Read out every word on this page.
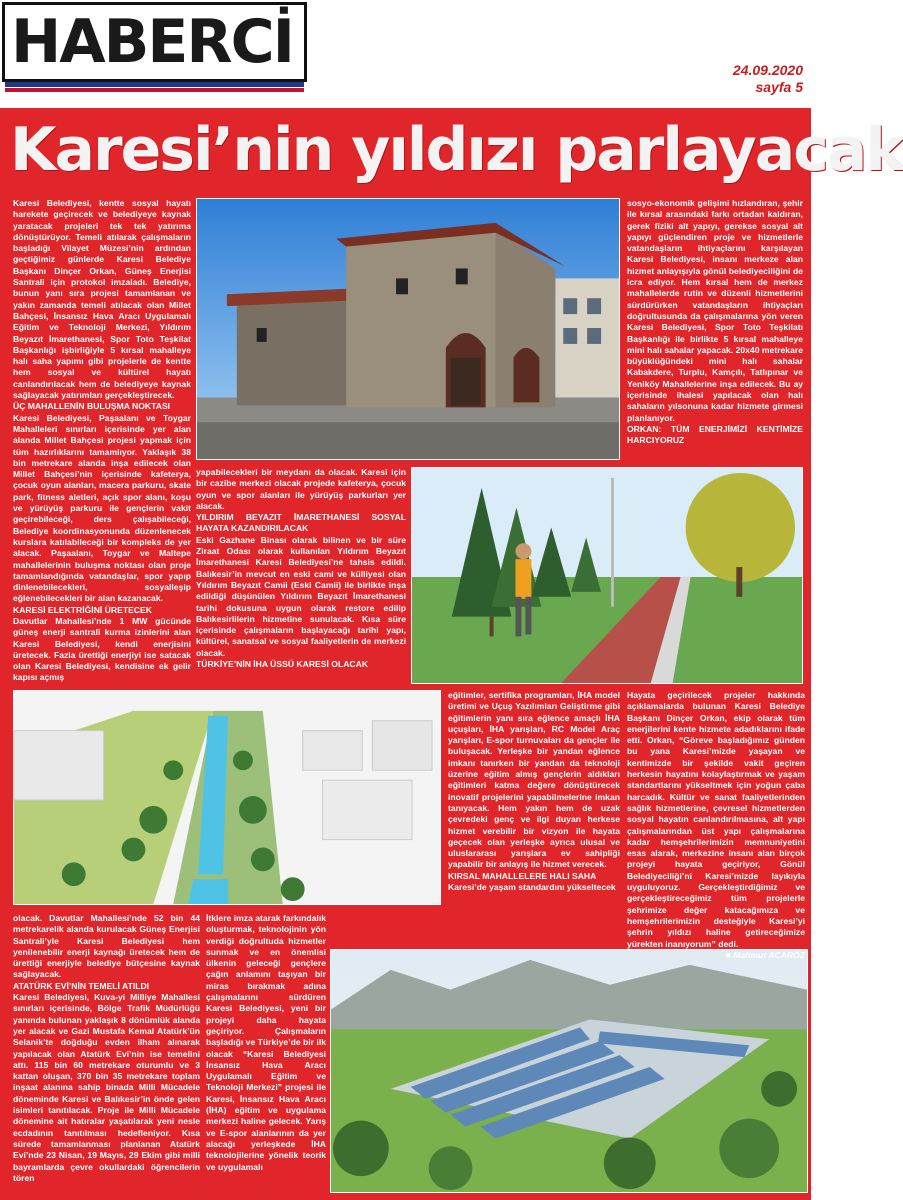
HABERCİ	24.09.2020
sayfa 5
Karesi’nin yıldızı parlayacak

Karesi Belediyesi, kentte sosyal hayatı harekete geçirecek ve belediyeye kaynak yaratacak projeleri tek tek yatırıma dönüştürüyor. Temeli atılarak çalışmaların başladığı Vilayet Müzesi’nin ardından geçtiğimiz günlerde Karesi Belediye Başkanı Dinçer Orkan, Güneş Enerjisi Santrali için protokol imzaladı. Belediye, bunun yanı sıra projesi tamamlanan ve yakın zamanda temeli atılacak olan Millet Bahçesi, İnsansız Hava Aracı Uygulamalı Eğitim ve Teknoloji Merkezi, Yıldırım Beyazıt İmarethanesi, Spor Toto Teşkilat Başkanlığı işbirliğiyle 5 kırsal mahalleye halı saha yapımı gibi projelerle de kentte hem sosyal ve kültürel hayatı canlandırılacak hem de belediyeye kaynak sağlayacak yatırımları gerçekleştirecek.

ÜÇ MAHALLENİN BULUŞMA NOKTASI

Karesi Belediyesi, Paşaalanı ve Toygar Mahalleleri sınırları içerisinde yer alan alanda Millet Bahçesi projesi yapmak için tüm hazırlıklarını tamamlıyor. Yaklaşık 38 bin metrekare alanda inşa edilecek olan Millet Bahçesi’nin içerisinde kafeterya, çocuk oyun alanları, macera parkuru, skate park, fitness aletleri, açık spor alanı, koşu ve yürüyüş parkuru ile gençlerin vakit geçirebileceği, ders çalışabileceği, Belediye koordinasyonunda düzenlenecek kurslara katılabileceği bir kompleks de yer alacak. Paşaalanı, Toygar ve Maltepe mahallelerinin buluşma noktası olan proje tamamlandığında vatandaşlar, spor yapıp dinlenebilecekleri, sosyalleşip eğlenebilecekleri bir alan kazanacak.

KARESİ ELEKTRİĞİNİ ÜRETECEK

Davutlar Mahallesi’nde 1 MW gücünde güneş enerji santrali kurma izinlerini alan Karesi Belediyesi, kendi enerjisini üretecek. Fazla ürettiği enerjiyi ise satacak olan Karesi Belediyesi, kendisine ek gelir kapısı açmış

sosyo-ekonomik gelişimi hızlandıran, şehir ile kırsal arasındaki farkı ortadan kaldıran, gerek fiziki alt yapıyı, gerekse sosyal alt yapıyı güçlendiren proje ve hizmetlerle vatandaşların ihtiyaçlarını karşılayan Karesi Belediyesi, insanı merkeze alan hizmet anlayışıyla gönül belediyeciliğini de icra ediyor. Hem kırsal hem de merkez mahallelerde rutin ve düzenli hizmetlerini sürdürürken vatandaşların ihtiyaçları doğrultusunda da çalışmalarına yön veren Karesi Belediyesi, Spor Toto Teşkilatı Başkanlığı ile birlikte 5 kırsal mahalleye mini halı sahalar yapacak. 20x40 metrekare büyüklüğündeki mini halı sahalar Kabakdere, Turplu, Kamçılı, Tatlıpınar ve Yeniköy Mahallelerine inşa edilecek. Bu ay içerisinde ihalesi yapılacak olan halı sahaların yılsonuna kadar hizmete girmesi planlanıyor.

ORKAN: TÜM ENERJİMİZİ KENTİMİZE HARCIYORUZ

yapabilecekleri bir meydanı da olacak. Karesi için bir cazibe merkezi olacak projede kafeterya, çocuk oyun ve spor alanları ile yürüyüş parkurları yer alacak.

YILDIRIM BEYAZIT İMARETHANESİ SOSYAL HAYATA KAZANDIRILACAK

Eski Gazhane Binası olarak bilinen ve bir süre Ziraat Odası olarak kullanılan Yıldırım Beyazıt İmarethanesi Karesi Belediyesi’ne tahsis edildi. Balıkesir’in mevcut en eski cami ve külliyesi olan Yıldırım Beyazıt Camii (Eski Camii) ile birlikte inşa edildiği düşünülen Yıldırım Beyazıt İmarethanesi tarihi dokusuna uygun olarak restore edilip Balıkesirlilerin hizmetine sunulacak. Kısa süre içerisinde çalışmaların başlayacağı tarihi yapı, kültürel, sanatsal ve sosyal faaliyetlerin de merkezi olacak.

TÜRKİYE’NİN İHA ÜSSÜ KARESİ OLACAK

eğitimler, sertifika programları, İHA model üretimi ve Uçuş Yazılımları Geliştirme gibi eğitimlerin yanı sıra eğlence amaçlı İHA uçuşları, İHA yarışları, RC Model Araç yarışları, E-spor turnuvaları da gençler ile buluşacak. Yerleşke bir yandan eğlence imkanı tanırken bir yandan da teknoloji üzerine eğitim almış gençlerin aldıkları eğitimleri katma değere dönüştürecek inovatif projelerini yapabilmelerine imkan tanıyacak. Hem yakın hem de uzak çevredeki genç ve ilgi duyan herkese hizmet verebilir bir vizyon ile hayata geçecek olan yerleşke ayrıca ulusal ve uluslararası yarışlara ev sahipliği yapabilir bir anlayış ile hizmet verecek.

KIRSAL MAHALLELERE HALI SAHA

Karesi’de yaşam standardını yükseltecek

Hayata geçirilecek projeler hakkında açıklamalarda bulunan Karesi Belediye Başkanı Dinçer Orkan, ekip olarak tüm enerjilerini kente hizmete adadıklarını ifade etti. Orkan, “Göreve başladığımız günden bu yana Karesi’mizde yaşayan ve kentimizde bir şekilde vakit geçiren herkesin hayatını kolaylaştırmak ve yaşam standartlarını yükseltmek için yoğun çaba harcadık. Kültür ve sanat faaliyetlerinden sağlık hizmetlerine, çevresel hizmetlerden sosyal hayatın canlandırılmasına, alt yapı çalışmalarından üst yapı çalışmalarına kadar hemşehrilerimizin memnuniyetini esas alarak, merkezine insanı alan birçok projeyi hayata geçiriyor, Gönül Belediyeciliği’ni Karesi’mizde layıkıyla uyguluyoruz. Gerçekleştirdiğimiz ve gerçekleştireceğimiz tüm projelerle şehrimize değer katacağımıza ve hemşehrilerimizin desteğiyle Karesi’yi şehrin yıldızı haline getireceğimize yürekten inanıyorum” dedi.

■ Mahmut ACARÖZ

olacak. Davutlar Mahallesi’nde 52 bin 44 metrekarelik alanda kurulacak Güneş Enerjisi Santrali’yle Karesi Belediyesi hem yenilenebilir enerji kaynağı üretecek hem de ürettiği enerjiyle belediye bütçesine kaynak sağlayacak.

ATATÜRK EVİ’NİN TEMELİ ATILDI

Karesi Belediyesi, Kuva-yi Milliye Mahallesi sınırları içerisinde, Bölge Trafik Müdürlüğü yanında bulunan yaklaşık 8 dönümlük alanda yer alacak ve Gazi Mustafa Kemal Atatürk’ün Selanik’te doğduğu evden ilham alınarak yapılacak olan Atatürk Evi’nin ise temelini attı. 115 bin 60 metrekare oturumlu ve 3 kattan oluşan, 370 bin 35 metrekare toplam inşaat alanına sahip binada Milli Mücadele döneminde Karesi ve Balıkesir’in önde gelen isimleri tanıtılacak. Proje ile Milli Mücadele dönemine ait hatıralar yaşatılarak yeni nesle ecdadının tanıtılması hedefleniyor. Kısa sürede tamamlanması planlanan Atatürk Evi’nde 23 Nisan, 19 Mayıs, 29 Ekim gibi milli bayramlarda çevre okullardaki öğrencilerin tören

İtklere imza atarak farkındalık oluşturmak, teknolojinin yön verdiği doğrultuda hizmetler sunmak ve en önemlisi ülkenin geleceği gençlere çağın anlamını taşıyan bir miras bırakmak adına çalışmalarını sürdüren Karesi Belediyesi, yeni bir projeyi daha hayata geçiriyor. Çalışmaların başladığı ve Türkiye’de bir ilk olacak “Karesi Belediyesi İnsansız Hava Aracı Uygulamalı Eğitim ve Teknoloji Merkezi” projesi ile Karesi, İnsansız Hava Aracı (İHA) eğitim ve uygulama merkezi haline gelecek. Yarış ve E-spor alanlarının da yer alacağı yerleşkede İHA teknolojilerine yönelik teorik ve uygulamalı
